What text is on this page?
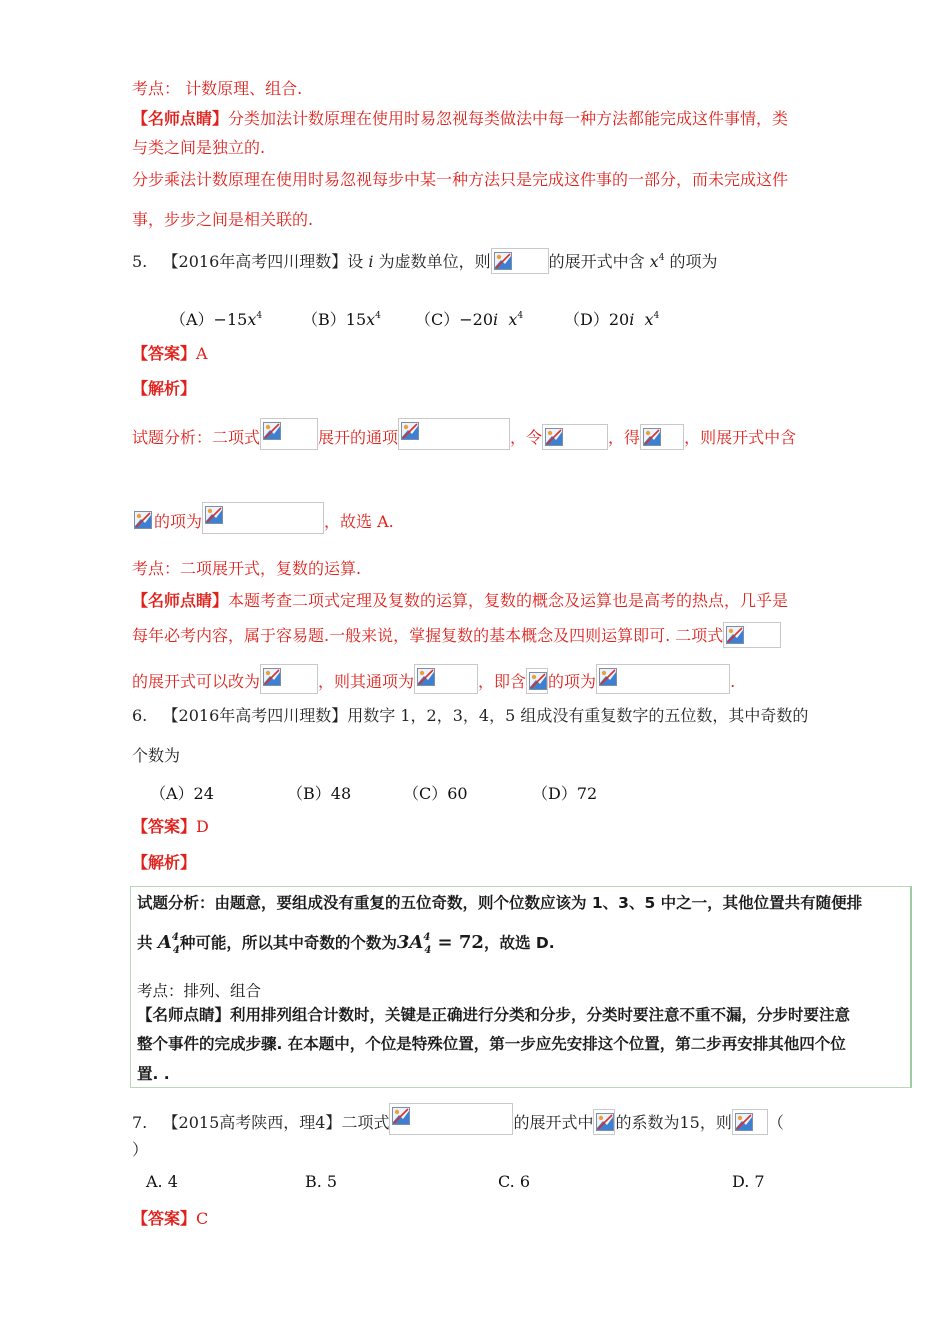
考点： 计数原理、组合.
【名师点睛】分类加法计数原理在使用时易忽视每类做法中每一种方法都能完成这件事情，类
与类之间是独立的.
分步乘法计数原理在使用时易忽视每步中某一种方法只是完成这件事的一部分，而未完成这件
事，步步之间是相关联的.
5. 【2016年高考四川理数】设 i 为虚数单位，则	的展开式中含 $x^4$ 的项为
$(A)-15x^4$ $(B)15x^4$ （C）−20i $x^4$	（D）20i $x^4$
【答案】A
【解析】
试题分析：二项式	展开的通项	，令	，得	，则展开式中含
的项为	，故选 A.
考点：二项展开式，复数的运算.
【名师点睛】本题考查二项式定理及复数的运算，复数的概念及运算也是高考的热点，几乎是
每年必考内容，属于容易题.一般来说，掌握复数的基本概念及四则运算即可. 二项式
的展开式可以改为	，则其通项为	，即含 的项为	.
6. 【2016年高考四川理数】用数字 1，2，3，4，5 组成没有重复数字的五位数，其中奇数的
个数为
（A）24	（B）48	（C）60	（D）72
【答案】D
【解析】
试题分析：由题意，要组成没有重复的五位奇数，则个位数应该为 1、3、5 中之一，其他位置共有随便排
共 $A^4_4$种可能，所以其中奇数的个数为$3A^4_4 = 72$，故选 D.
考点：排列、组合
【名师点睛】利用排列组合计数时，关键是正确进行分类和分步，分类时要注意不重不漏，分步时要注意
整个事件的完成步骤. 在本题中，个位是特殊位置，第一步应先安排这个位置，第二步再安排其他四个位
置. .
7. 【2015高考陕西，理4】二项式	的展开式中 的系数为15，则 （
）
A. 4	B. 5	C. 6	D. 7
【答案】C
